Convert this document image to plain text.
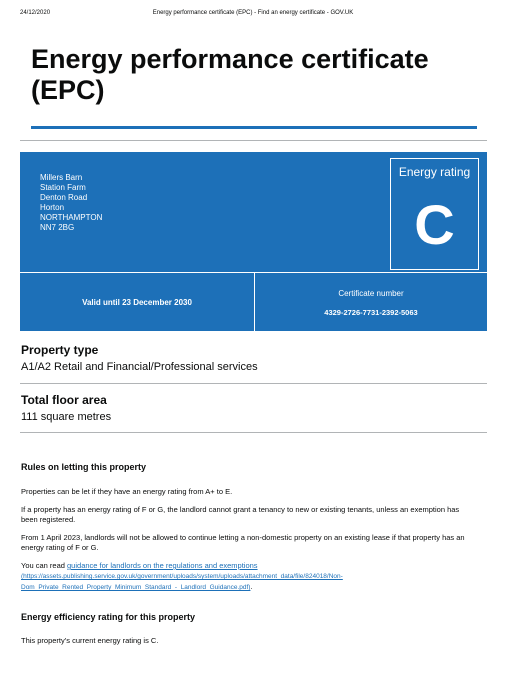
24/12/2020	Energy performance certificate (EPC) - Find an energy certificate - GOV.UK
Energy performance certificate (EPC)
Millers Barn
Station Farm
Denton Road
Horton
NORTHAMPTON
NN7 2BG
Energy rating
C
Valid until 23 December 2030
Certificate number
4329-2726-7731-2392-5063
Property type
A1/A2 Retail and Financial/Professional services
Total floor area
111 square metres
Rules on letting this property

Properties can be let if they have an energy rating from A+ to E.

If a property has an energy rating of F or G, the landlord cannot grant a tenancy to new or existing tenants, unless an exemption has been registered.

From 1 April 2023, landlords will not be allowed to continue letting a non-domestic property on an existing lease if that property has an energy rating of F or G.

You can read guidance for landlords on the regulations and exemptions
(https://assets.publishing.service.gov.uk/government/uploads/system/uploads/attachment_data/file/824018/Non-Dom_Private_Rented_Property_Minimum_Standard_-_Landlord_Guidance.pdf).

Energy efficiency rating for this property

This property’s current energy rating is C.
